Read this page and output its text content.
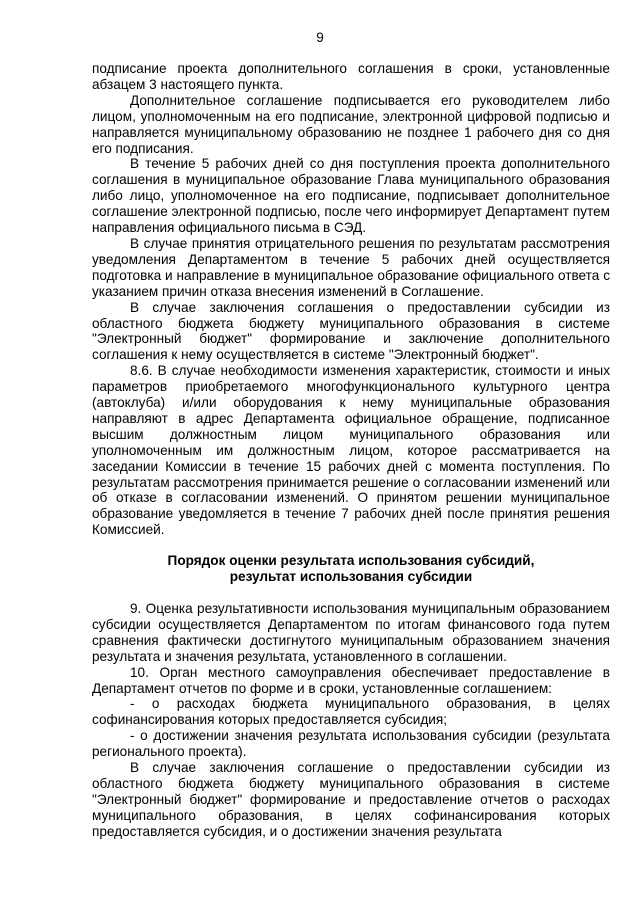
9

подписание проекта дополнительного соглашения в сроки, установленные абзацем 3 настоящего пункта.

Дополнительное соглашение подписывается его руководителем либо лицом, уполномоченным на его подписание, электронной цифровой подписью и направляется муниципальному образованию не позднее 1 рабочего дня со дня его подписания.

В течение 5 рабочих дней со дня поступления проекта дополнительного соглашения в муниципальное образование Глава муниципального образования либо лицо, уполномоченное на его подписание, подписывает дополнительное соглашение электронной подписью, после чего информирует Департамент путем направления официального письма в СЭД.

В случае принятия отрицательного решения по результатам рассмотрения уведомления Департаментом в течение 5 рабочих дней осуществляется подготовка и направление в муниципальное образование официального ответа с указанием причин отказа внесения изменений в Соглашение.

В случае заключения соглашения о предоставлении субсидии из областного бюджета бюджету муниципального образования в системе "Электронный бюджет" формирование и заключение дополнительного соглашения к нему осуществляется в системе "Электронный бюджет".

8.6. В случае необходимости изменения характеристик, стоимости и иных параметров приобретаемого многофункционального культурного центра (автоклуба) и/или оборудования к нему муниципальные образования направляют в адрес Департамента официальное обращение, подписанное высшим должностным лицом муниципального образования или уполномоченным им должностным лицом, которое рассматривается на заседании Комиссии в течение 15 рабочих дней с момента поступления. По результатам рассмотрения принимается решение о согласовании изменений или об отказе в согласовании изменений. О принятом решении муниципальное образование уведомляется в течение 7 рабочих дней после принятия решения Комиссией.

Порядок оценки результата использования субсидий,
результат использования субсидии

9. Оценка результативности использования муниципальным образованием субсидии осуществляется Департаментом по итогам финансового года путем сравнения фактически достигнутого муниципальным образованием значения результата и значения результата, установленного в соглашении.

10. Орган местного самоуправления обеспечивает предоставление в Департамент отчетов по форме и в сроки, установленные соглашением:

- о расходах бюджета муниципального образования, в целях софинансирования которых предоставляется субсидия;

- о достижении значения результата использования субсидии (результата регионального проекта).

В случае заключения соглашение о предоставлении субсидии из областного бюджета бюджету муниципального образования в системе "Электронный бюджет" формирование и предоставление отчетов о расходах муниципального образования, в целях софинансирования которых предоставляется субсидия, и о достижении значения результата
